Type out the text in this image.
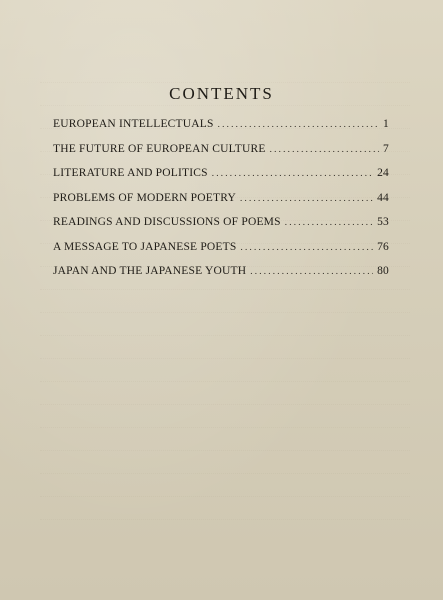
CONTENTS
EUROPEAN INTELLECTUALS . . .	1
THE FUTURE OF EUROPEAN CULTURE . . .	7
LITERATURE AND POLITICS . . .	24
PROBLEMS OF MODERN POETRY . . .	44
READINGS AND DISCUSSIONS OF POEMS . . .	53
A MESSAGE TO JAPANESE POETS . . .	76
JAPAN AND THE JAPANESE YOUTH . . .	80
